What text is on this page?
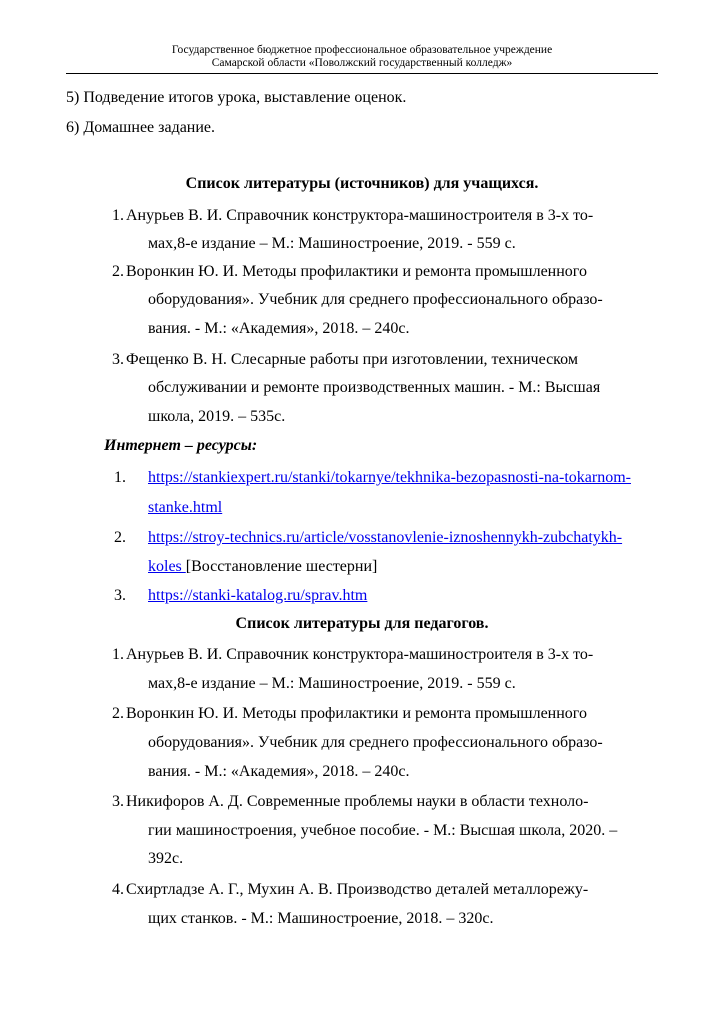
Государственное бюджетное профессиональное образовательное учреждение
Самарской области «Поволжский государственный колледж»
5) Подведение итогов урока, выставление оценок.
6) Домашнее задание.
Список литературы (источников) для учащихся.
1. Анурьев В. И. Справочник конструктора-машиностроителя в 3-х то-
мах,8-е издание – М.: Машиностроение, 2019. - 559 с.
2. Воронкин Ю. И. Методы профилактики и ремонта промышленного
оборудования». Учебник для среднего профессионального образо-
вания. - М.: «Академия», 2018. – 240с.
3. Фещенко В. Н. Слесарные работы при изготовлении, техническом
обслуживании и ремонте производственных машин. - М.: Высшая
школа, 2019. – 535с.
Интернет – ресурсы:
1. https://stankiexpert.ru/stanki/tokarnye/tekhnika-bezopasnosti-na-tokarnom-
stanke.html
2. https://stroy-technics.ru/article/vosstanovlenie-iznoshennykh-zubchatykh-
koles [Восстановление шестерни]
3. https://stanki-katalog.ru/sprav.htm
Список литературы для педагогов.
1. Анурьев В. И. Справочник конструктора-машиностроителя в 3-х то-
мах,8-е издание – М.: Машиностроение, 2019. - 559 с.
2. Воронкин Ю. И. Методы профилактики и ремонта промышленного
оборудования». Учебник для среднего профессионального образо-
вания. - М.: «Академия», 2018. – 240с.
3. Никифоров А. Д. Современные проблемы науки в области техноло-
гии машиностроения, учебное пособие. - М.: Высшая школа, 2020. –
392с.
4. Схиртладзе А. Г., Мухин А. В. Производство деталей металлорежу-
щих станков. - М.: Машиностроение, 2018. – 320с.
